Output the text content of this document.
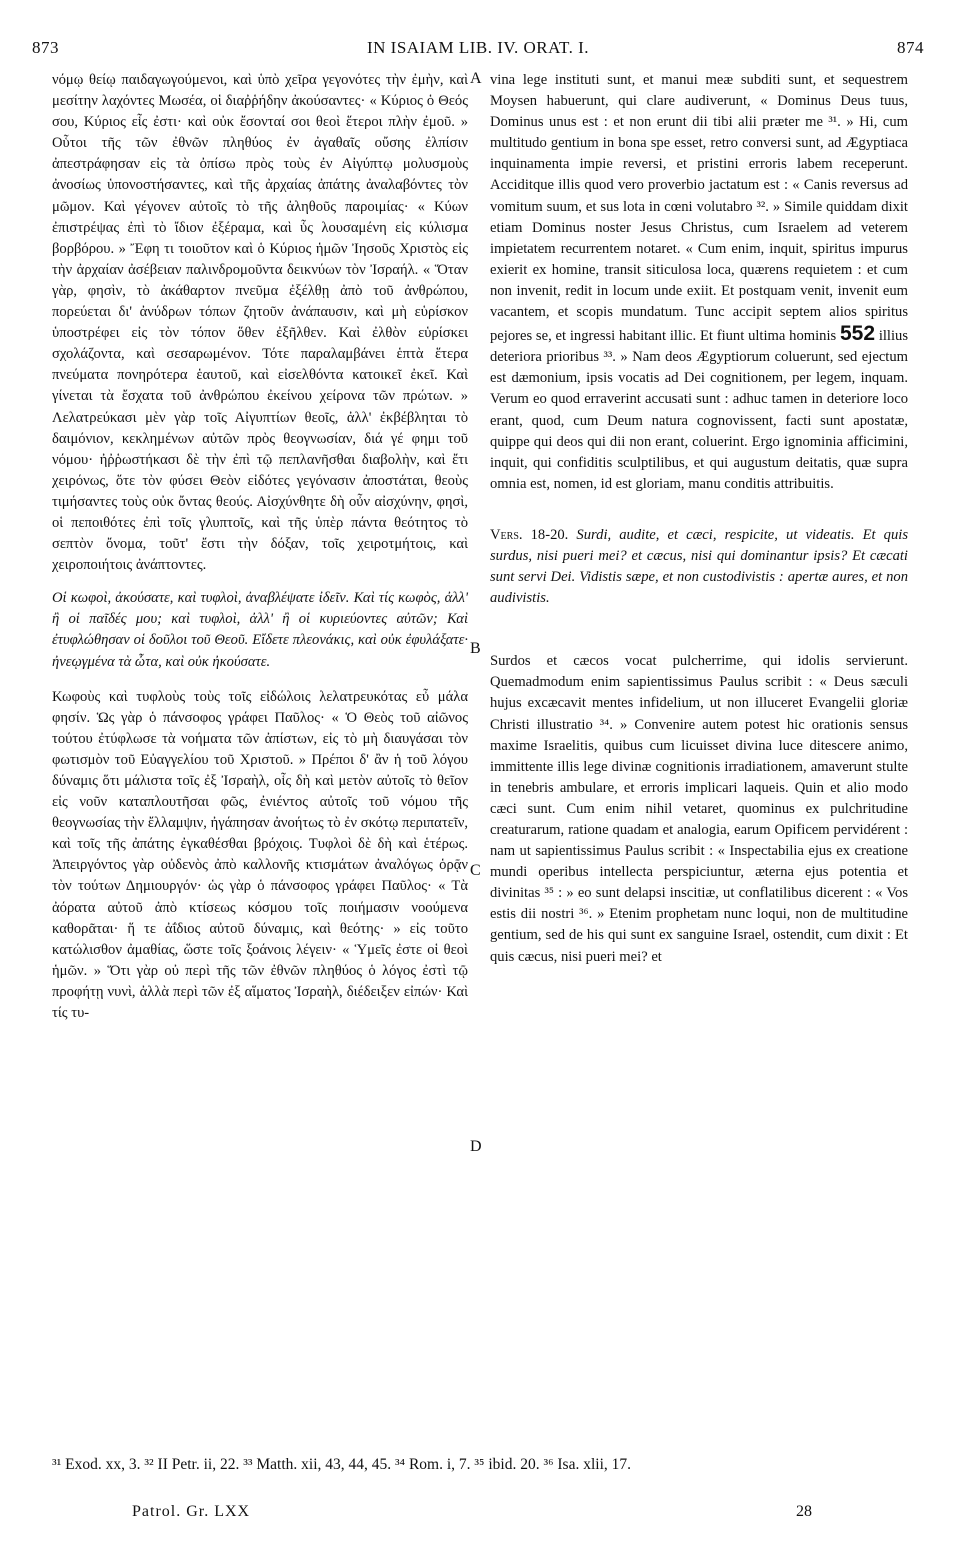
873	IN ISAIAM LIB. IV. ORAT. I.	874

νόμῳ θείῳ παιδαγωγούμενοι, καὶ ὑπὸ χεῖρα γεγονότες τὴν ἐμὴν, καὶ μεσίτην λαχόντες Μωσέα, οἱ διαῤῥήδην ἀκούσαντες· « Κύριος ὁ Θεός σου, Κύριος εἷς ἐστι· καὶ οὐκ ἔσονταί σοι θεοὶ ἕτεροι πλὴν ἐμοῦ. » Οὗτοι τῆς τῶν ἐθνῶν πληθύος ἐν ἀγαθαῖς οὔσης ἐλπίσιν ἀπεστράφησαν εἰς τὰ ὀπίσω πρὸς τοὺς ἐν Αἰγύπτῳ μολυσμοὺς ἀνοσίως ὑπονοστήσαντες, καὶ τῆς ἀρχαίας ἀπάτης ἀναλαβόντες τὸν μῶμον. Καὶ γέγονεν αὐτοῖς τὸ τῆς ἀληθοῦς παροιμίας· « Κύων ἐπιστρέψας ἐπὶ τὸ ἴδιον ἐξέραμα, καὶ ὗς λουσαμένη εἰς κύλισμα βορβόρου. » Ἔφη τι τοιοῦτον καὶ ὁ Κύριος ἡμῶν Ἰησοῦς Χριστὸς εἰς τὴν ἀρχαίαν ἀσέβειαν παλινδρομοῦντα δεικνύων τὸν Ἰσραήλ. « Ὅταν γὰρ, φησὶν, τὸ ἀκάθαρτον πνεῦμα ἐξέλθῃ ἀπὸ τοῦ ἀνθρώπου, πορεύεται δι' ἀνύδρων τόπων ζητοῦν ἀνάπαυσιν, καὶ μὴ εὑρίσκον ὑποστρέφει εἰς τὸν τόπον ὅθεν ἐξῆλθεν. Καὶ ἐλθὸν εὑρίσκει σχολάζοντα, καὶ σεσαρωμένον. Τότε παραλαμβάνει ἑπτὰ ἕτερα πνεύματα πονηρότερα ἑαυτοῦ, καὶ εἰσελθόντα κατοικεῖ ἐκεῖ. Καὶ γίνεται τὰ ἔσχατα τοῦ ἀνθρώπου ἐκείνου χείρονα τῶν πρώτων. » Λελατρεύκασι μὲν γὰρ τοῖς Αἰγυπτίων θεοῖς, ἀλλ' ἐκβέβληται τὸ δαιμόνιον, κεκλημένων αὐτῶν πρὸς θεογνωσίαν, διά γέ φημι τοῦ νόμου· ἠῤῥωστήκασι δὲ τὴν ἐπὶ τῷ πεπλανῆσθαι διαβολὴν, καὶ ἔτι χειρόνως, ὅτε τὸν φύσει Θεὸν εἰδότες γεγόνασιν ἀποστάται, θεοὺς τιμήσαντες τοὺς οὐκ ὄντας θεούς. Αἰσχύνθητε δὴ οὖν αἰσχύνην, φησὶ, οἱ πεποιθότες ἐπὶ τοῖς γλυπτοῖς, καὶ τῆς ὑπὲρ πάντα θεότητος τὸ σεπτὸν ὄνομα, τοῦτ' ἔστι τὴν δόξαν, τοῖς χειροτμήτοις, καὶ χειροποιήτοις ἀνάπτοντες.

Οἱ κωφοὶ, ἀκούσατε, καὶ τυφλοὶ, ἀναβλέψατε ἰδεῖν. Καὶ τίς κωφὸς, ἀλλ' ἢ οἱ παῖδές μου; καὶ τυφλοὶ, ἀλλ' ἢ οἱ κυριεύοντες αὐτῶν; Καὶ ἐτυφλώθησαν οἱ δοῦλοι τοῦ Θεοῦ. Εἴδετε πλεονάκις, καὶ οὐκ ἐφυλάξατε· ἠνεῳγμένα τὰ ὦτα, καὶ οὐκ ἠκούσατε.

Κωφοὺς καὶ τυφλοὺς τοὺς τοῖς εἰδώλοις λελατρευκότας εὖ μάλα φησίν. Ὡς γὰρ ὁ πάνσοφος γράφει Παῦλος· « Ὁ Θεὸς τοῦ αἰῶνος τούτου ἐτύφλωσε τὰ νοήματα τῶν ἀπίστων, εἰς τὸ μὴ διαυγάσαι τὸν φωτισμὸν τοῦ Εὐαγγελίου τοῦ Χριστοῦ. » Πρέποι δ' ἂν ἡ τοῦ λόγου δύναμις ὅτι μάλιστα τοῖς ἐξ Ἰσραὴλ, οἷς δὴ καὶ μετὸν αὐτοῖς τὸ θεῖον εἰς νοῦν καταπλουτῆσαι φῶς, ἐνιέντος αὐτοῖς τοῦ νόμου τῆς θεογνωσίας τὴν ἔλλαμψιν, ἠγάπησαν ἀνοήτως τὸ ἐν σκότῳ περιπατεῖν, καὶ τοῖς τῆς ἀπάτης ἐγκαθέσθαι βρόχοις. Τυφλοὶ δὲ δὴ καὶ ἑτέρως. Ἀπειργόντος γὰρ οὐδενὸς ἀπὸ καλλονῆς κτισμάτων ἀναλόγως ὁρᾷν τὸν τούτων Δημιουργόν· ὡς γὰρ ὁ πάνσοφος γράφει Παῦλος· « Τὰ ἀόρατα αὐτοῦ ἀπὸ κτίσεως κόσμου τοῖς ποιήμασιν νοούμενα καθορᾶται· ἥ τε ἀΐδιος αὐτοῦ δύναμις, καὶ θεότης· » εἰς τοῦτο κατώλισθον ἀμαθίας, ὥστε τοῖς ξοάνοις λέγειν· « Ὑμεῖς ἐστε οἱ θεοὶ ἡμῶν. » Ὅτι γὰρ οὐ περὶ τῆς τῶν ἐθνῶν πληθύος ὁ λόγος ἐστὶ τῷ προφήτῃ νυνὶ, ἀλλὰ περὶ τῶν ἐξ αἵματος Ἰσραὴλ, διέδειξεν εἰπών· Καὶ τίς τυ-

A
B
C
D

vina lege instituti sunt, et manui meæ subditi sunt, et sequestrem Moysen habuerunt, qui clare audiverunt, « Dominus Deus tuus, Dominus unus est : et non erunt dii tibi alii præter me ³¹. » Hi, cum multitudo gentium in bona spe esset, retro conversi sunt, ad Ægyptiaca inquinamenta impie reversi, et pristini erroris labem receperunt. Acciditque illis quod vero proverbio jactatum est : « Canis reversus ad vomitum suum, et sus lota in cœni volutabro ³². » Simile quiddam dixit etiam Dominus noster Jesus Christus, cum Israelem ad veterem impietatem recurrentem notaret. « Cum enim, inquit, spiritus impurus exierit ex homine, transit siticulosa loca, quærens requietem : et cum non invenit, redit in locum unde exiit. Et postquam venit, invenit eum vacantem, et scopis mundatum. Tunc accipit septem alios spiritus pejores se, et ingressi habitant illic. Et fiunt ultima hominis 552 illius deteriora prioribus ³³. » Nam deos Ægyptiorum coluerunt, sed ejectum est dæmonium, ipsis vocatis ad Dei cognitionem, per legem, inquam. Verum eo quod erraverint accusati sunt : adhuc tamen in deteriore loco erant, quod, cum Deum natura cognovissent, facti sunt apostatæ, quippe qui deos qui dii non erant, coluerint. Ergo ignominia afficimini, inquit, qui confiditis sculptilibus, et qui augustum deitatis, quæ supra omnia est, nomen, id est gloriam, manu conditis attribuitis.

Vers. 18-20. Surdi, audite, et cæci, respicite, ut videatis. Et quis surdus, nisi pueri mei? et cæcus, nisi qui dominantur ipsis? Et cæcati sunt servi Dei. Vidistis sæpe, et non custodivistis : apertæ aures, et non audivistis.

Surdos et cæcos vocat pulcherrime, qui idolis servierunt. Quemadmodum enim sapientissimus Paulus scribit : « Deus sæculi hujus excæcavit mentes infidelium, ut non illuceret Evangelii gloriæ Christi illustratio ³⁴. » Convenire autem potest hic orationis sensus maxime Israelitis, quibus cum licuisset divina luce ditescere animo, immittente illis lege divinæ cognitionis irradiationem, amaverunt stulte in tenebris ambulare, et erroris implicari laqueis. Quin et alio modo cæci sunt. Cum enim nihil vetaret, quominus ex pulchritudine creaturarum, ratione quadam et analogia, earum Opificem pervidérent : nam ut sapientissimus Paulus scribit : « Inspectabilia ejus ex creatione mundi operibus intellecta perspiciuntur, æterna ejus potentia et divinitas ³⁵ : » eo sunt delapsi inscitiæ, ut conflatilibus dicerent : « Vos estis dii nostri ³⁶. » Etenim prophetam nunc loqui, non de multitudine gentium, sed de his qui sunt ex sanguine Israel, ostendit, cum dixit : Et quis cæcus, nisi pueri mei? et

³¹ Exod. xx, 3. ³² II Petr. ii, 22. ³³ Matth. xii, 43, 44, 45. ³⁴ Rom. i, 7. ³⁵ ibid. 20. ³⁶ Isa. xlii, 17.
Patrol. Gr. LXX	28
